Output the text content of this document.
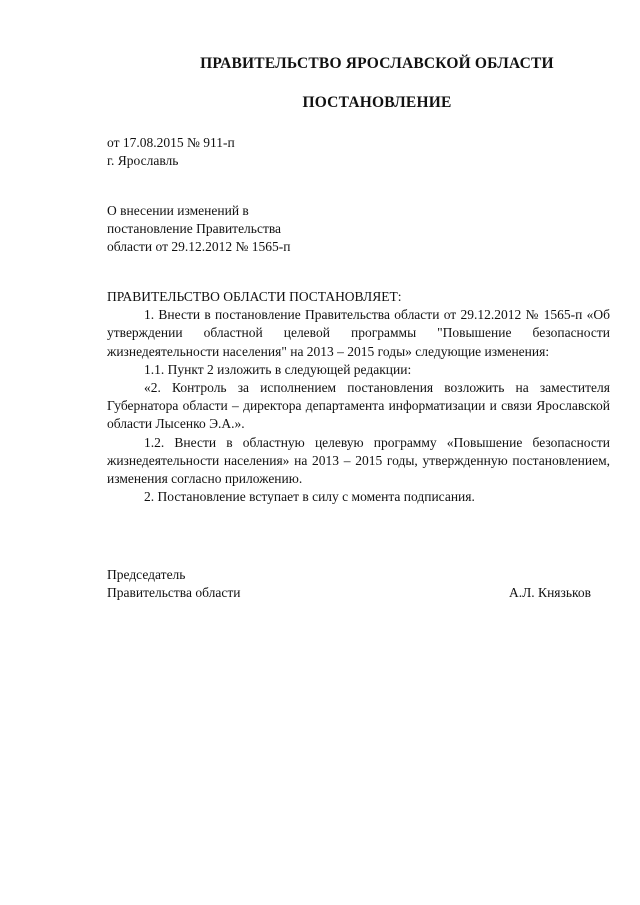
ПРАВИТЕЛЬСТВО ЯРОСЛАВСКОЙ ОБЛАСТИ
ПОСТАНОВЛЕНИЕ
от 17.08.2015 № 911-п
г. Ярославль
О внесении изменений в
постановление Правительства
области от 29.12.2012 № 1565-п

ПРАВИТЕЛЬСТВО ОБЛАСТИ ПОСТАНОВЛЯЕТ:

1. Внести в постановление Правительства области от 29.12.2012 № 1565-п «Об утверждении областной целевой программы "Повышение безопасности жизнедеятельности населения" на 2013 – 2015 годы» следующие изменения:

1.1. Пункт 2 изложить в следующей редакции:

«2. Контроль за исполнением постановления возложить на заместителя Губернатора области – директора департамента информатизации и связи Ярославской области Лысенко Э.А.».

1.2. Внести в областную целевую программу «Повышение безопасности жизнедеятельности населения» на 2013 – 2015 годы, утвержденную постановлением, изменения согласно приложению.

2. Постановление вступает в силу с момента подписания.

Председатель
Правительства области	А.Л. Князьков
